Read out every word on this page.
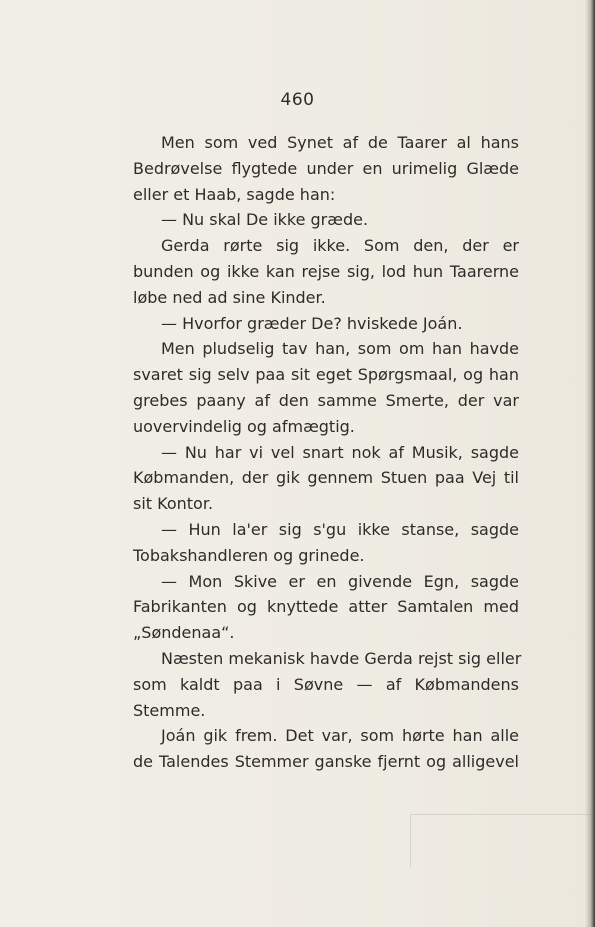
460
Men som ved Synet af de Taarer al hans
Bedrøvelse flygtede under en urimelig Glæde
eller et Haab, sagde han:
— Nu skal De ikke græde.
Gerda rørte sig ikke. Som den, der er
bunden og ikke kan rejse sig, lod hun Taarerne
løbe ned ad sine Kinder.
— Hvorfor græder De? hviskede Joán.
Men pludselig tav han, som om han havde
svaret sig selv paa sit eget Spørgsmaal, og han
grebes paany af den samme Smerte, der var
uovervindelig og afmægtig.
— Nu har vi vel snart nok af Musik, sagde
Købmanden, der gik gennem Stuen paa Vej til
sit Kontor.
— Hun la'er sig s'gu ikke stanse, sagde
Tobakshandleren og grinede.
— Mon Skive er en givende Egn, sagde
Fabrikanten og knyttede atter Samtalen med
„Søndenaa“.
Næsten mekanisk havde Gerda rejst sig eller
som kaldt paa i Søvne — af Købmandens
Stemme.
Joán gik frem. Det var, som hørte han alle
de Talendes Stemmer ganske fjernt og alligevel
